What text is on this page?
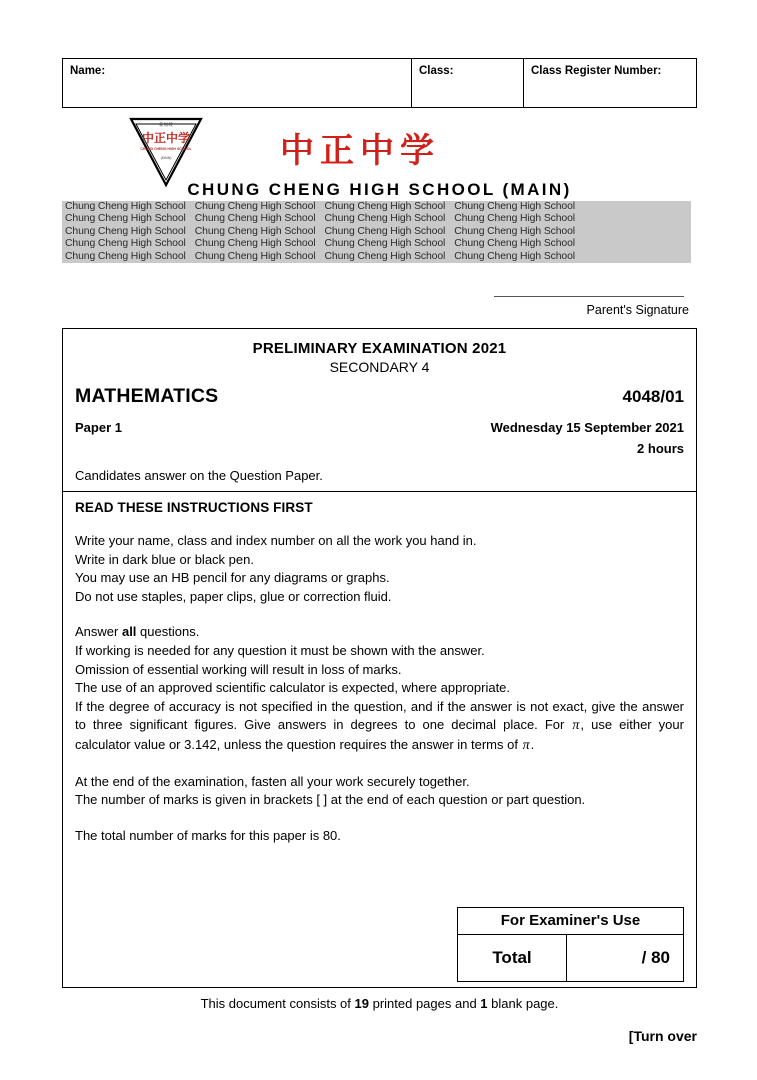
Name:	Class:	Class Register Number:
新加坡
中正中学
CHUNG CHENG HIGH SCHOOL
(MAIN)	中正中学
CHUNG CHENG HIGH SCHOOL (MAIN)
Chung Cheng High School Chung Cheng High School Chung Cheng High School Chung Cheng High School
Chung Cheng High School Chung Cheng High School Chung Cheng High School Chung Cheng High School
Chung Cheng High School Chung Cheng High School Chung Cheng High School Chung Cheng High School
Chung Cheng High School Chung Cheng High School Chung Cheng High School Chung Cheng High School
Chung Cheng High School Chung Cheng High School Chung Cheng High School Chung Cheng High School
Parent's Signature
PRELIMINARY EXAMINATION 2021
SECONDARY 4
MATHEMATICS	4048/01
Paper 1	Wednesday 15 September 2021
2 hours
Candidates answer on the Question Paper.
READ THESE INSTRUCTIONS FIRST
Write your name, class and index number on all the work you hand in.
Write in dark blue or black pen.
You may use an HB pencil for any diagrams or graphs.
Do not use staples, paper clips, glue or correction fluid.
Answer all questions.
If working is needed for any question it must be shown with the answer.
Omission of essential working will result in loss of marks.
The use of an approved scientific calculator is expected, where appropriate.
If the degree of accuracy is not specified in the question, and if the answer is not exact, give the answer to three significant figures. Give answers in degrees to one decimal place. For π, use either your calculator value or 3.142, unless the question requires the answer in terms of π.
At the end of the examination, fasten all your work securely together.
The number of marks is given in brackets [ ] at the end of each question or part question.
The total number of marks for this paper is 80.
For Examiner's Use
Total	/ 80
This document consists of 19 printed pages and 1 blank page.
[Turn over
